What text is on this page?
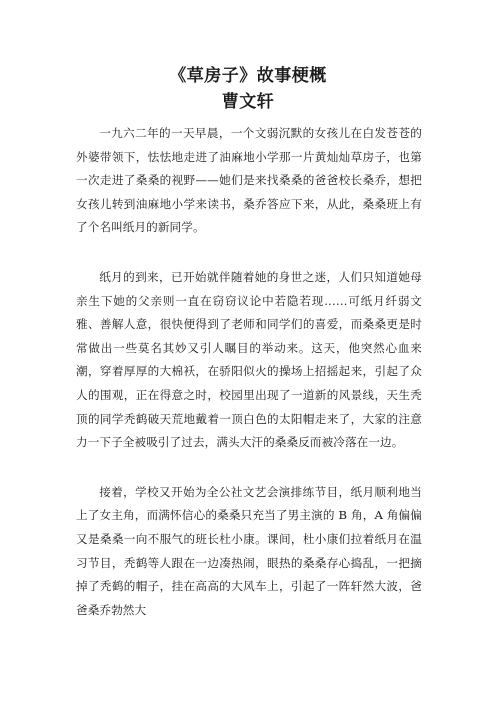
《草房子》故事梗概
曹文轩

一九六二年的一天早晨，一个文弱沉默的女孩儿在白发苍苍的外婆带领下，怯怯地走进了油麻地小学那一片黄灿灿草房子，也第一次走进了桑桑的视野——她们是来找桑桑的爸爸校长桑乔，想把女孩儿转到油麻地小学来读书，桑乔答应下来，从此，桑桑班上有了个名叫纸月的新同学。

纸月的到来，已开始就伴随着她的身世之迷，人们只知道她母亲生下她的父亲则一直在窃窃议论中若隐若现……可纸月纤弱文雅、善解人意，很快便得到了老师和同学们的喜爱，而桑桑更是时常做出一些莫名其妙又引人瞩目的举动来。这天，他突然心血来潮，穿着厚厚的大棉袄，在骄阳似火的操场上招摇起来，引起了众人的围观，正在得意之时，校园里出现了一道新的风景线，天生秃顶的同学秃鹤破天荒地戴着一顶白色的太阳帽走来了，大家的注意力一下子全被吸引了过去，满头大汗的桑桑反而被冷落在一边。

接着，学校又开始为全公社文艺会演排练节目，纸月顺利地当上了女主角，而满怀信心的桑桑只充当了男主演的 B 角，A 角偏偏又是桑桑一向不服气的班长杜小康。课间，杜小康们拉着纸月在温习节目，秃鹤等人跟在一边凑热闹，眼热的桑桑存心捣乱，一把摘掉了秃鹤的帽子，挂在高高的大风车上，引起了一阵轩然大波，爸爸桑乔勃然大
